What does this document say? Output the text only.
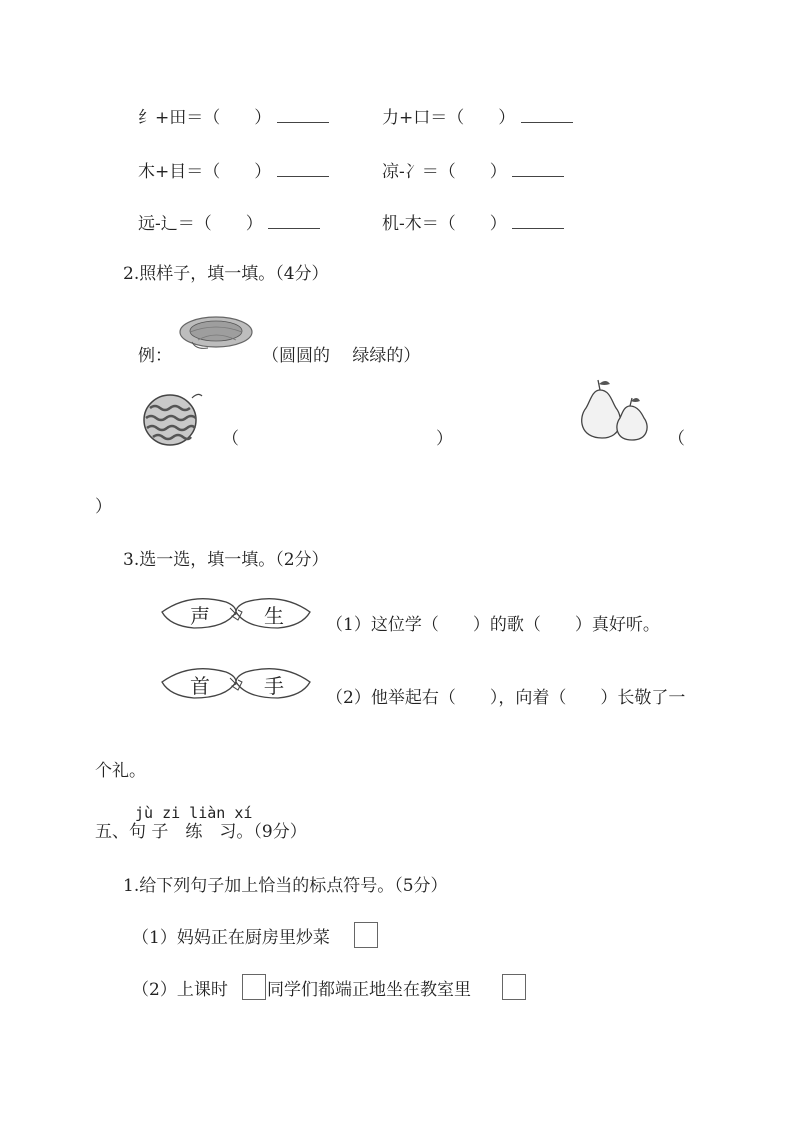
纟+田＝（　　）	力+口＝（　　）
木+目＝（　　）	凉-冫＝（　　）
远-辶＝（　　）	机-木＝（　　）
2.照样子，填一填。（4分）
例：	（圆圆的　 绿绿的）
（	）	（
）
3.选一选，填一填。（2分）
声	生 （1）这位学（　　）的歌（　　）真好听。
首	手 （2）他举起右（　　），向着（　　）长敬了一
个礼。
jù zi liàn xí
五、句 子　练　习。（9分）
1.给下列句子加上恰当的标点符号。（5分）
（1）妈妈正在厨房里炒菜
（2）上课时 同学们都端正地坐在教室里
